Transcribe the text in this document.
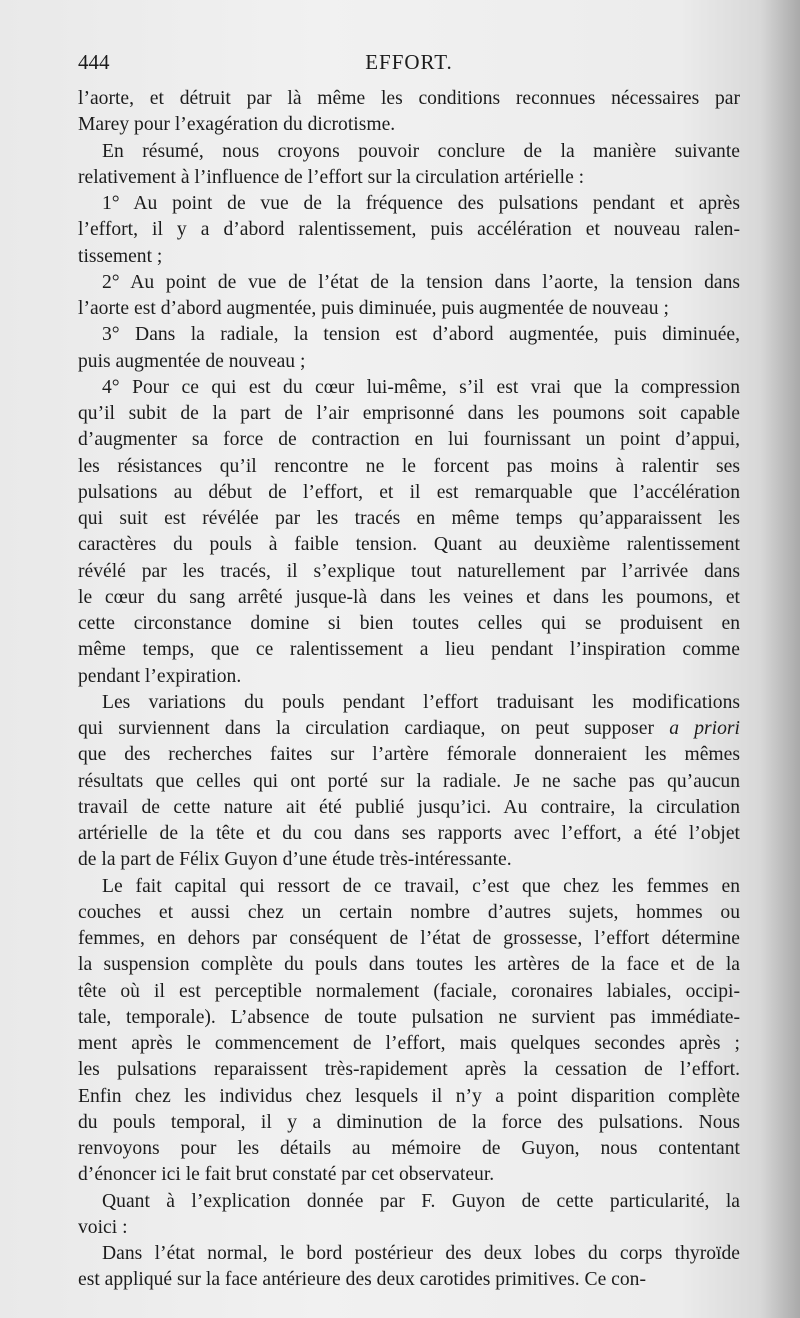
444	EFFORT.
l’aorte, et détruit par là même les conditions reconnues nécessaires par
Marey pour l’exagération du dicrotisme.
En résumé, nous croyons pouvoir conclure de la manière suivante
relativement à l’influence de l’effort sur la circulation artérielle :
1° Au point de vue de la fréquence des pulsations pendant et après
l’effort, il y a d’abord ralentissement, puis accélération et nouveau ralen-
tissement ;
2° Au point de vue de l’état de la tension dans l’aorte, la tension dans
l’aorte est d’abord augmentée, puis diminuée, puis augmentée de nouveau ;
3° Dans la radiale, la tension est d’abord augmentée, puis diminuée,
puis augmentée de nouveau ;
4° Pour ce qui est du cœur lui-même, s’il est vrai que la compression
qu’il subit de la part de l’air emprisonné dans les poumons soit capable
d’augmenter sa force de contraction en lui fournissant un point d’appui,
les résistances qu’il rencontre ne le forcent pas moins à ralentir ses
pulsations au début de l’effort, et il est remarquable que l’accélération
qui suit est révélée par les tracés en même temps qu’apparaissent les
caractères du pouls à faible tension. Quant au deuxième ralentissement
révélé par les tracés, il s’explique tout naturellement par l’arrivée dans
le cœur du sang arrêté jusque-là dans les veines et dans les poumons, et
cette circonstance domine si bien toutes celles qui se produisent en
même temps, que ce ralentissement a lieu pendant l’inspiration comme
pendant l’expiration.
Les variations du pouls pendant l’effort traduisant les modifications
qui surviennent dans la circulation cardiaque, on peut supposer a priori
que des recherches faites sur l’artère fémorale donneraient les mêmes
résultats que celles qui ont porté sur la radiale. Je ne sache pas qu’aucun
travail de cette nature ait été publié jusqu’ici. Au contraire, la circulation
artérielle de la tête et du cou dans ses rapports avec l’effort, a été l’objet
de la part de Félix Guyon d’une étude très-intéressante.
Le fait capital qui ressort de ce travail, c’est que chez les femmes en
couches et aussi chez un certain nombre d’autres sujets, hommes ou
femmes, en dehors par conséquent de l’état de grossesse, l’effort détermine
la suspension complète du pouls dans toutes les artères de la face et de la
tête où il est perceptible normalement (faciale, coronaires labiales, occipi-
tale, temporale). L’absence de toute pulsation ne survient pas immédiate-
ment après le commencement de l’effort, mais quelques secondes après ;
les pulsations reparaissent très-rapidement après la cessation de l’effort.
Enfin chez les individus chez lesquels il n’y a point disparition complète
du pouls temporal, il y a diminution de la force des pulsations. Nous
renvoyons pour les détails au mémoire de Guyon, nous contentant
d’énoncer ici le fait brut constaté par cet observateur.
Quant à l’explication donnée par F. Guyon de cette particularité, la
voici :
Dans l’état normal, le bord postérieur des deux lobes du corps thyroïde
est appliqué sur la face antérieure des deux carotides primitives. Ce con-
